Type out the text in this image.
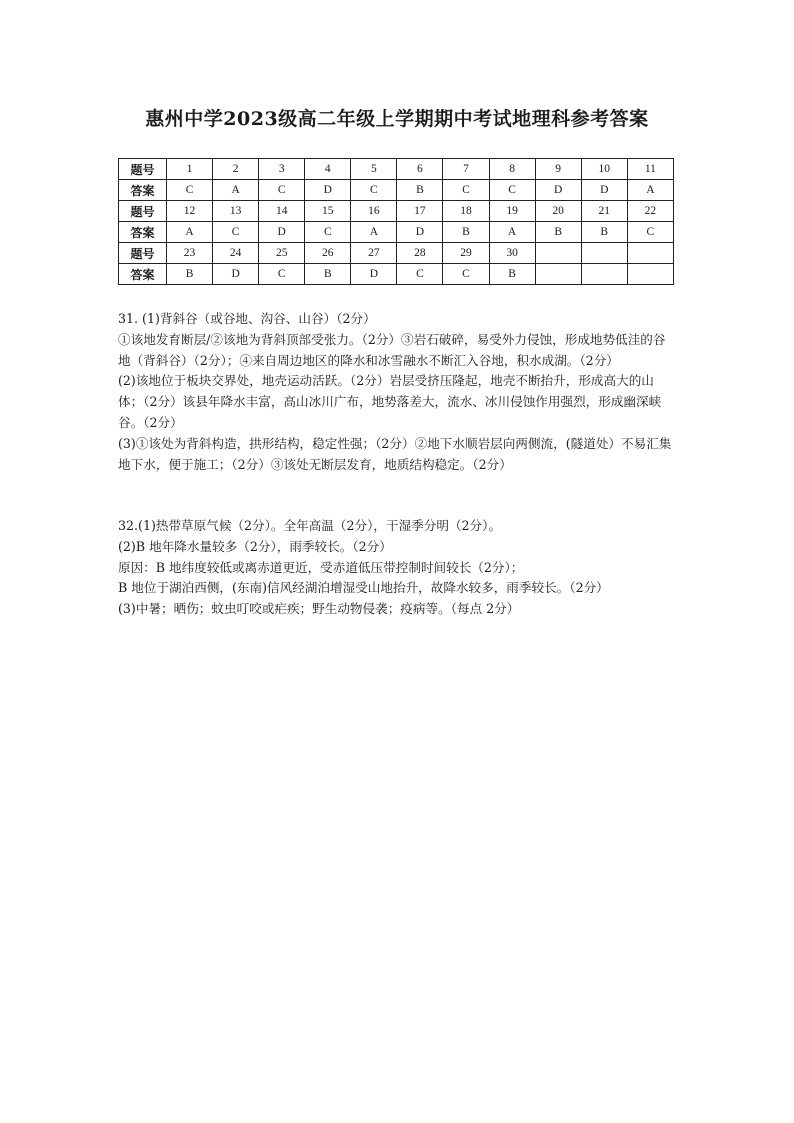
惠州中学2023级高二年级上学期期中考试地理科参考答案
题号	1	2	3	4	5	6	7	8	9	10	11
答案	C	A	C	D	C	B	C	C	D	D	A
题号	12	13	14	15	16	17	18	19	20	21	22
答案	A	C	D	C	A	D	B	A	B	B	C
题号	23	24	25	26	27	28	29	30			
答案	B	D	C	B	D	C	C	B			

31. (1)背斜谷（或谷地、沟谷、山谷）（2分）

①该地发育断层/②该地为背斜顶部受张力。（2分）③岩石破碎，易受外力侵蚀，形成地势低洼的谷地（背斜谷）（2分）；④来自周边地区的降水和冰雪融水不断汇入谷地，积水成湖。（2分）

(2)该地位于板块交界处，地壳运动活跃。（2分）岩层受挤压隆起，地壳不断抬升，形成高大的山体；（2分）该县年降水丰富，高山冰川广布，地势落差大，流水、冰川侵蚀作用强烈，形成幽深峡谷。（2分）

(3)①该处为背斜构造，拱形结构，稳定性强；（2分）②地下水顺岩层向两侧流，(隧道处）不易汇集地下水，便于施工；（2分）③该处无断层发育，地质结构稳定。（2分）

32.(1)热带草原气候（2分）。全年高温（2分），干湿季分明（2分）。

(2)B 地年降水量较多（2分），雨季较长。（2分）

原因：B 地纬度较低或离赤道更近，受赤道低压带控制时间较长（2分）；

B 地位于湖泊西侧，(东南)信风经湖泊增湿受山地抬升，故降水较多，雨季较长。（2分）

(3)中暑；晒伤；蚊虫叮咬或疟疾；野生动物侵袭；疫病等。（每点 2分）
